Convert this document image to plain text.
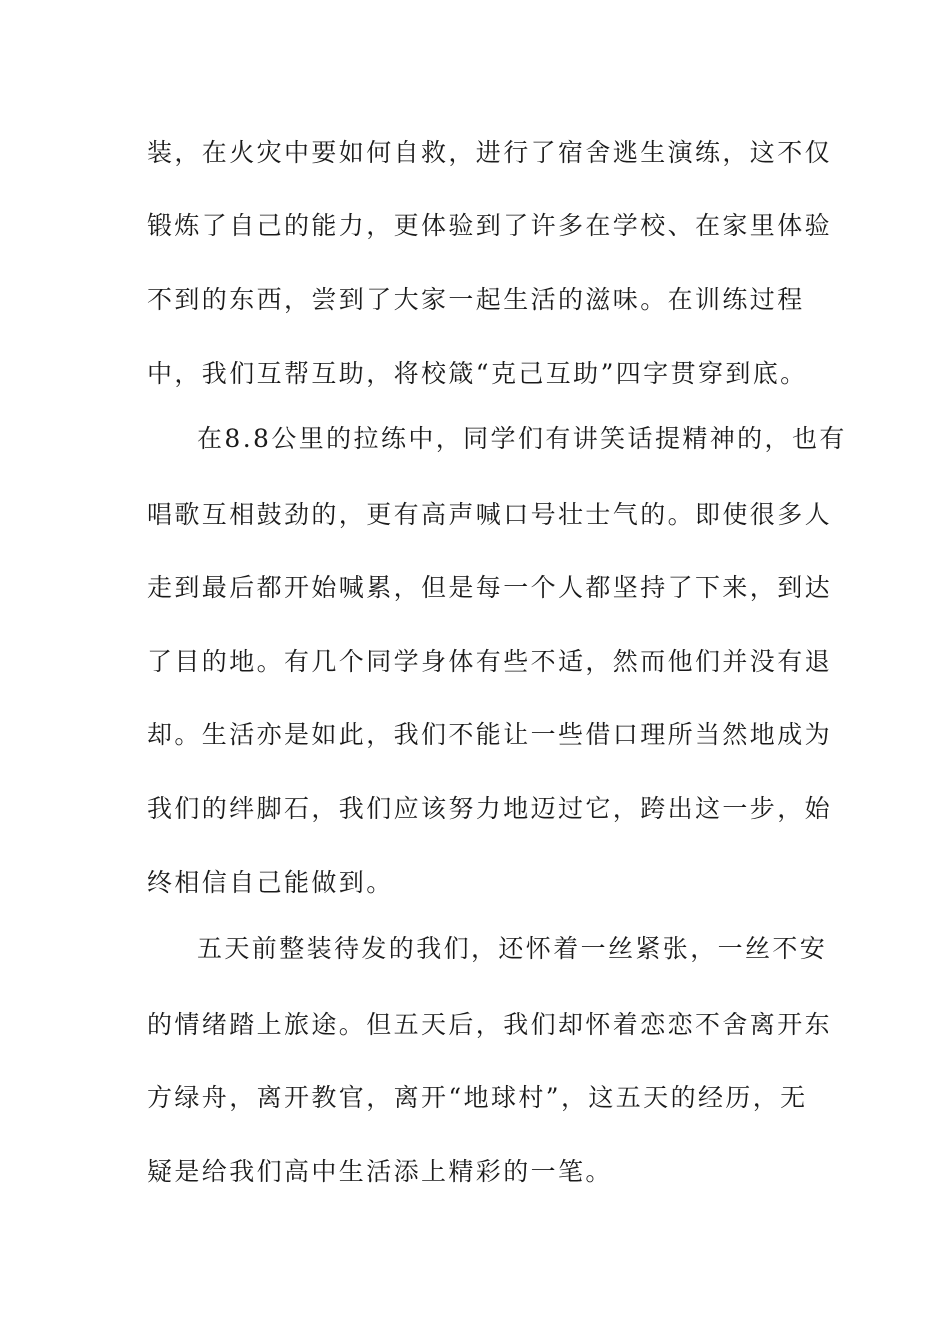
装，在火灾中要如何自救，进行了宿舍逃生演练，这不仅
锻炼了自己的能力，更体验到了许多在学校、在家里体验
不到的东西，尝到了大家一起生活的滋味。在训练过程
中，我们互帮互助，将校箴“克己互助”四字贯穿到底。
在8.8公里的拉练中，同学们有讲笑话提精神的，也有
唱歌互相鼓劲的，更有高声喊口号壮士气的。即使很多人
走到最后都开始喊累，但是每一个人都坚持了下来，到达
了目的地。有几个同学身体有些不适，然而他们并没有退
却。生活亦是如此，我们不能让一些借口理所当然地成为
我们的绊脚石，我们应该努力地迈过它，跨出这一步，始
终相信自己能做到。
五天前整装待发的我们，还怀着一丝紧张，一丝不安
的情绪踏上旅途。但五天后，我们却怀着恋恋不舍离开东
方绿舟，离开教官，离开“地球村”，这五天的经历，无
疑是给我们高中生活添上精彩的一笔。
